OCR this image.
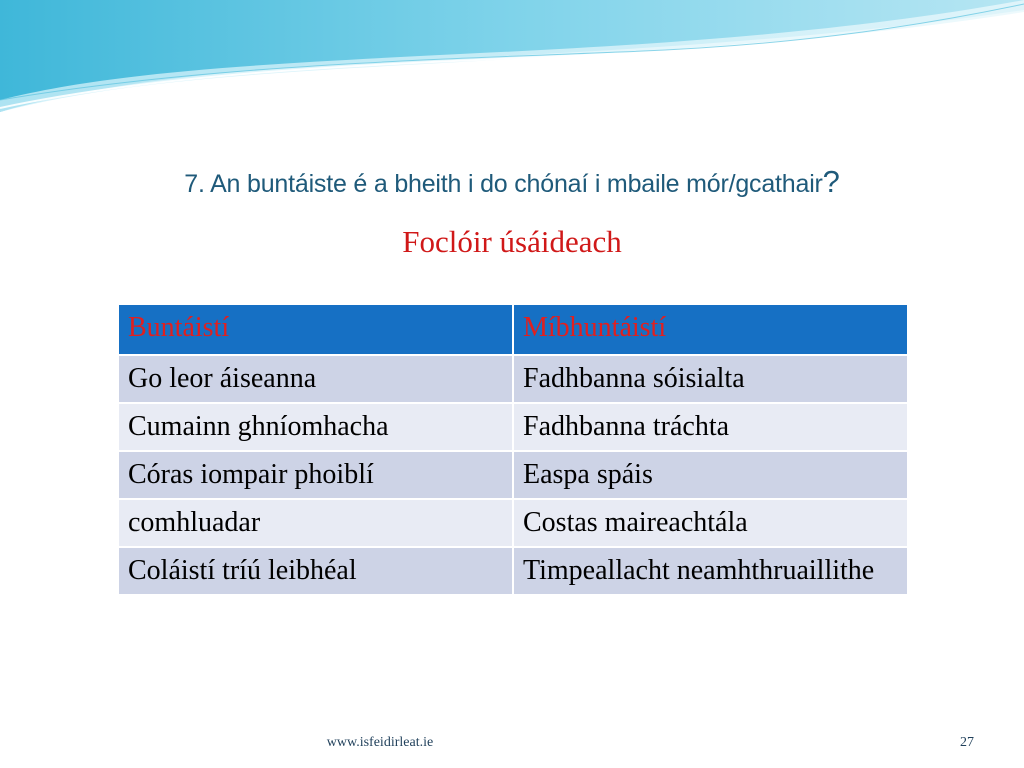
7. An buntáiste é a bheith i do chónaí i mbaile mór/gcathair?
Foclóir úsáideach
Buntáistí	Míbhuntáistí
Go leor áiseanna	Fadhbanna sóisialta
Cumainn ghníomhacha	Fadhbanna tráchta
Córas iompair phoiblí	Easpa spáis
comhluadar	Costas maireachtála
Coláistí tríú leibhéal	Timpeallacht neamhthruaillithe
www.isfeidirleat.ie	27
